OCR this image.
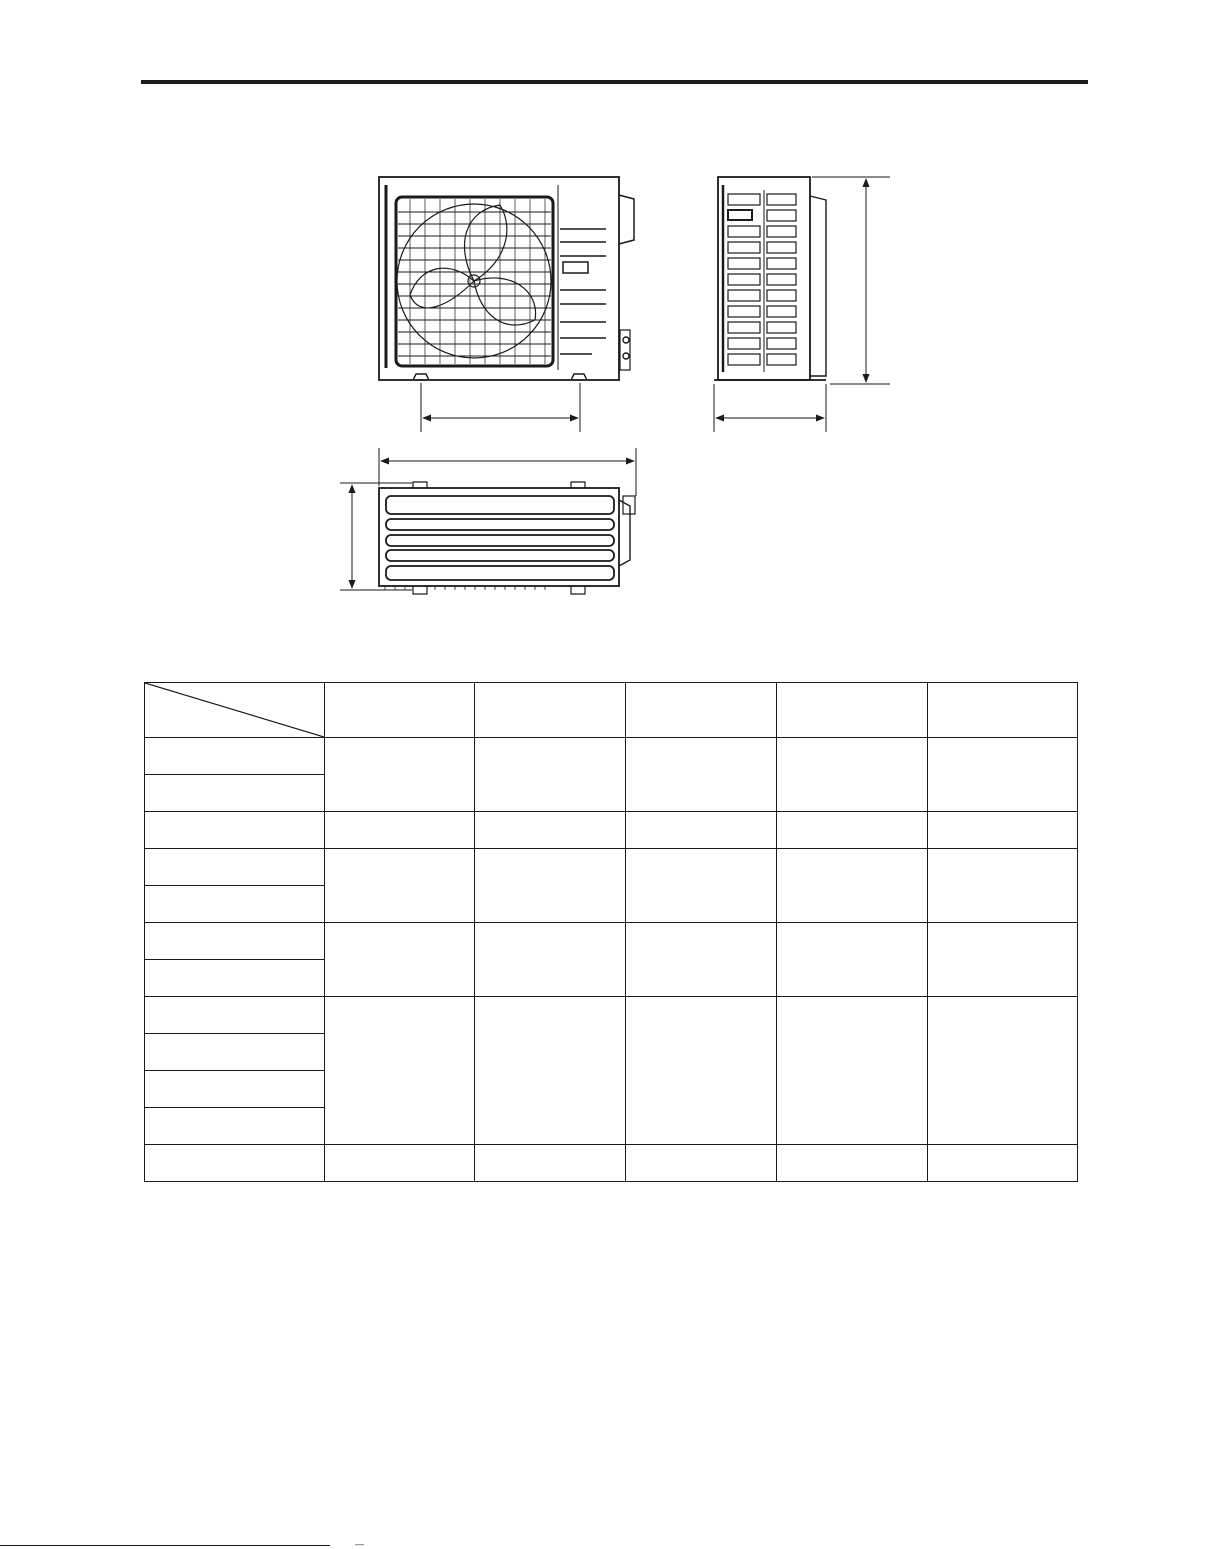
—
